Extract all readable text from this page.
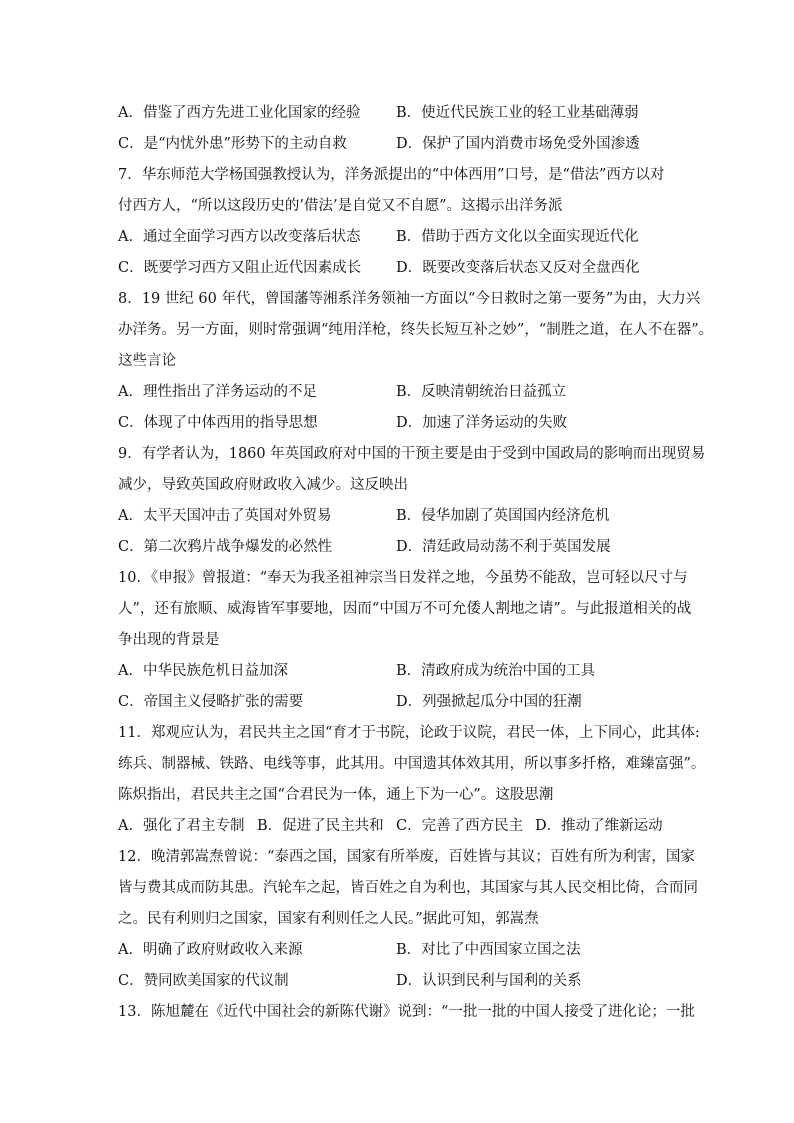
A．借鉴了西方先进工业化国家的经验 B．使近代民族工业的轻工业基础薄弱
C．是“内忧外患”形势下的主动自救	D．保护了国内消费市场免受外国渗透
7．华东师范大学杨国强教授认为，洋务派提出的“中体西用”口号，是“借法”西方以对
付西方人，“所以这段历史的’借法’是自觉又不自愿”。这揭示出洋务派
A．通过全面学习西方以改变落后状态 B．借助于西方文化以全面实现近代化
C．既要学习西方又阻止近代因素成长 D．既要改变落后状态又反对全盘西化
8．19 世纪 60 年代，曾国藩等湘系洋务领袖一方面以“今日救时之第一要务”为由，大力兴
办洋务。另一方面，则时常强调“纯用洋枪，终失长短互补之妙”，“制胜之道，在人不在器”。
这些言论
A．理性指出了洋务运动的不足	B．反映清朝统治日益孤立
C．体现了中体西用的指导思想	D．加速了洋务运动的失败
9．有学者认为，1860 年英国政府对中国的干预主要是由于受到中国政局的影响而出现贸易
减少，导致英国政府财政收入减少。这反映出
A．太平天国冲击了英国对外贸易	B．侵华加剧了英国国内经济危机
C．第二次鸦片战争爆发的必然性	D．清廷政局动荡不利于英国发展
10．《申报》曾报道：“奉天为我圣祖神宗当日发祥之地，今虽势不能敌，岂可轻以尺寸与
人”，还有旅顺、威海皆军事要地，因而“中国万不可允倭人割地之请”。与此报道相关的战
争出现的背景是
A．中华民族危机日益加深	B．清政府成为统治中国的工具
C．帝国主义侵略扩张的需要	D．列强掀起瓜分中国的狂潮
11．郑观应认为，君民共主之国“育才于书院，论政于议院，君民一体，上下同心，此其体:
练兵、制器械、铁路、电线等事，此其用。中国遗其体效其用，所以事多扦格，难臻富强”。
陈炽指出，君民共主之国“合君民为一体，通上下为一心”。这股思潮
A．强化了君主专制 B．促进了民主共和 C．完善了西方民主 D．推动了维新运动
12．晚清郭嵩焘曾说：“泰西之国，国家有所举废，百姓皆与其议；百姓有所为利害，国家
皆与费其成而防其患。汽轮车之起，皆百姓之自为利也，其国家与其人民交相比倚，合而同
之。民有利则归之国家，国家有利则任之人民。”据此可知，郭嵩焘
A．明确了政府财政收入来源	B．对比了中西国家立国之法
C．赞同欧美国家的代议制	D．认识到民利与国利的关系
13．陈旭麓在《近代中国社会的新陈代谢》说到：“一批一批的中国人接受了进化论；一批
